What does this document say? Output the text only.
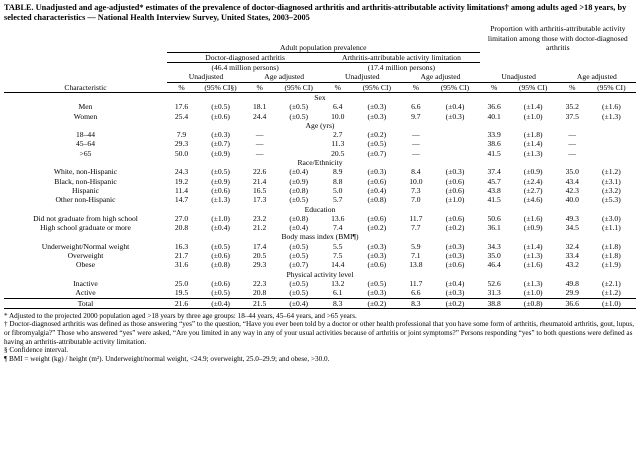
TABLE. Unadjusted and age-adjusted* estimates of the prevalence of doctor-diagnosed arthritis and arthritis-attributable activity limitations† among adults aged >18 years, by selected characteristics — National Health Interview Survey, United States, 2003–2005
	Adult population prevalence								Proportion with arthritis-attributable activity limitation among those with doctor-diagnosed arthritis			
	Doctor-diagnosed arthritis				Arthritis-attributable activity limitation							
	(46.4 million persons)				(17.4 million persons)							
	Unadjusted		Age adjusted		Unadjusted		Age adjusted		Unadjusted		Age adjusted	
Characteristic	%	(95% CI§)	%	(95% CI)	%	(95% CI)	%	(95% CI)	%	(95% CI)	%	(95% CI)
Sex												
Men	17.6	(±0.5)	18.1	(±0.5)	6.4	(±0.3)	6.6	(±0.4)	36.6	(±1.4)	35.2	(±1.6)
Women	25.4	(±0.6)	24.4	(±0.5)	10.0	(±0.3)	9.7	(±0.3)	40.1	(±1.0)	37.5	(±1.3)
Age (yrs)												
18–44	7.9	(±0.3)	—		2.7	(±0.2)	—		33.9	(±1.8)	—	
45–64	29.3	(±0.7)	—		11.3	(±0.5)	—		38.6	(±1.4)	—	
>65	50.0	(±0.9)	—		20.5	(±0.7)	—		41.5	(±1.3)	—	
Race/Ethnicity												
White, non-Hispanic	24.3	(±0.5)	22.6	(±0.4)	8.9	(±0.3)	8.4	(±0.3)	37.4	(±0.9)	35.0	(±1.2)
Black, non-Hispanic	19.2	(±0.9)	21.4	(±0.9)	8.8	(±0.6)	10.0	(±0.6)	45.7	(±2.4)	43.4	(±3.1)
Hispanic	11.4	(±0.6)	16.5	(±0.8)	5.0	(±0.4)	7.3	(±0.6)	43.8	(±2.7)	42.3	(±3.2)
Other non-Hispanic	14.7	(±1.3)	17.3	(±0.5)	5.7	(±0.8)	7.0	(±1.0)	41.5	(±4.6)	40.0	(±5.3)
Education												
Did not graduate from high school	27.0	(±1.0)	23.2	(±0.8)	13.6	(±0.6)	11.7	(±0.6)	50.6	(±1.6)	49.3	(±3.0)
High school graduate or more	20.8	(±0.4)	21.2	(±0.4)	7.4	(±0.2)	7.7	(±0.2)	36.1	(±0.9)	34.5	(±1.1)
Body mass index (BMI¶)												
Underweight/Normal weight	16.3	(±0.5)	17.4	(±0.5)	5.5	(±0.3)	5.9	(±0.3)	34.3	(±1.4)	32.4	(±1.8)
Overweight	21.7	(±0.6)	20.5	(±0.5)	7.5	(±0.3)	7.1	(±0.3)	35.0	(±1.3)	33.4	(±1.8)
Obese	31.6	(±0.8)	29.3	(±0.7)	14.4	(±0.6)	13.8	(±0.6)	46.4	(±1.6)	43.2	(±1.9)
Physical activity level												
Inactive	25.0	(±0.6)	22.3	(±0.5)	13.2	(±0.5)	11.7	(±0.4)	52.6	(±1.3)	49.8	(±2.1)
Active	19.5	(±0.5)	20.8	(±0.5)	6.1	(±0.3)	6.6	(±0.3)	31.3	(±1.0)	29.9	(±1.2)
Total	21.6	(±0.4)	21.5	(±0.4)	8.3	(±0.2)	8.3	(±0.2)	38.8	(±0.8)	36.6	(±1.0)

* Adjusted to the projected 2000 population aged >18 years by three age groups: 18–44 years, 45–64 years, and >65 years.

† Doctor-diagnosed arthritis was defined as those answering “yes” to the question, “Have you ever been told by a doctor or other health professional that you have some form of arthritis, rheumatoid arthritis, gout, lupus, or fibromyalgia?” Those who answered “yes” were asked, “Are you limited in any way in any of your usual activities because of arthritis or joint symptoms?” Persons responding “yes” to both questions were defined as having an arthritis-attributable activity limitation.

§ Confidence interval.

¶ BMI = weight (kg) / height (m²). Underweight/normal weight, <24.9; overweight, 25.0–29.9; and obese, >30.0.
